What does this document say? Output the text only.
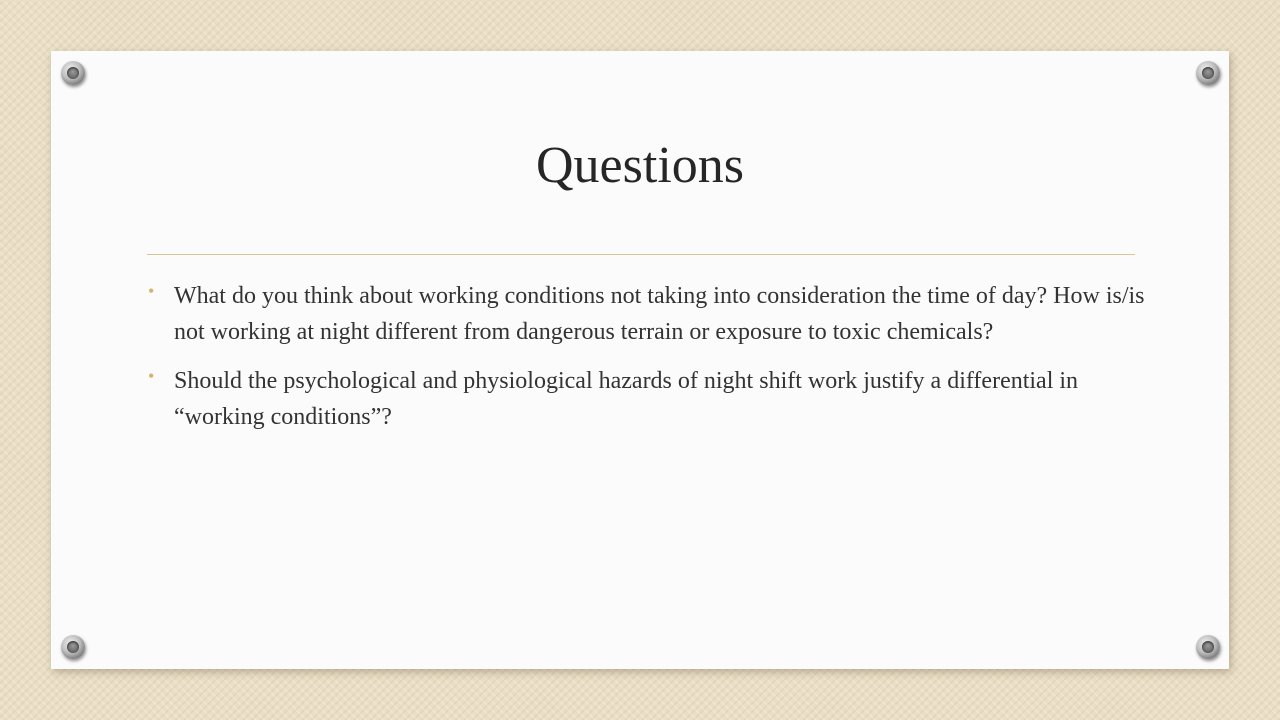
Questions
• What do you think about working conditions not taking into consideration the time of day? How is/is not working at night different from dangerous terrain or exposure to toxic chemicals?
• Should the psychological and physiological hazards of night shift work justify a differential in “working conditions”?
